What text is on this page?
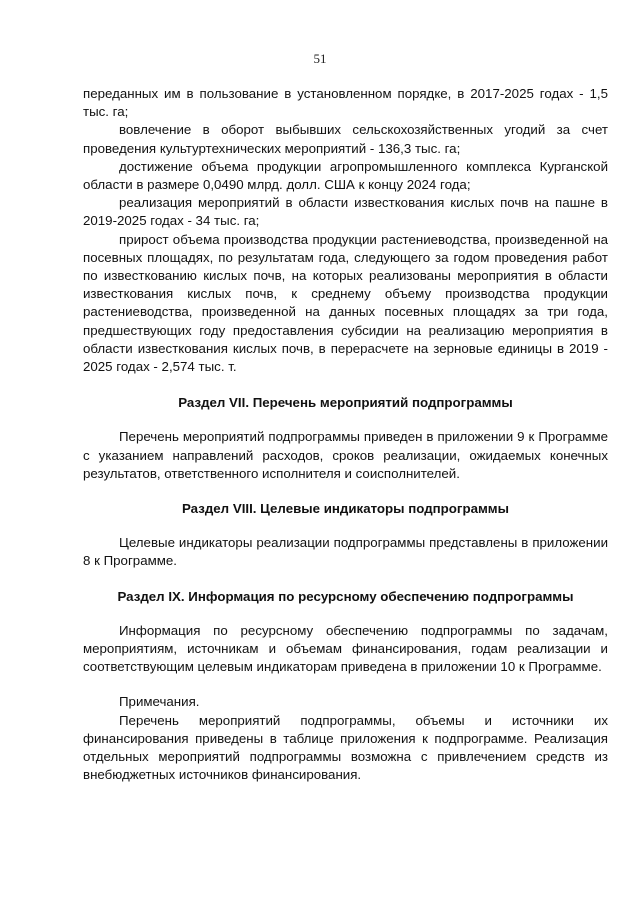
51

переданных им в пользование в установленном порядке, в 2017-2025 годах - 1,5 тыс. га;

вовлечение в оборот выбывших сельскохозяйственных угодий за счет проведения культуртехнических мероприятий - 136,3 тыс. га;

достижение объема продукции агропромышленного комплекса Курганской области в размере 0,0490 млрд. долл. США к концу 2024 года;

реализация мероприятий в области известкования кислых почв на пашне в 2019-2025 годах - 34 тыс. га;

прирост объема производства продукции растениеводства, произведенной на посевных площадях, по результатам года, следующего за годом проведения работ по известкованию кислых почв, на которых реализованы мероприятия в области известкования кислых почв, к среднему объему производства продукции растениеводства, произведенной на данных посевных площадях за три года, предшествующих году предоставления субсидии на реализацию мероприятия в области известкования кислых почв, в перерасчете на зерновые единицы в 2019 - 2025 годах - 2,574 тыс. т.

Раздел VII. Перечень мероприятий подпрограммы

Перечень мероприятий подпрограммы приведен в приложении 9 к Программе с указанием направлений расходов, сроков реализации, ожидаемых конечных результатов, ответственного исполнителя и соисполнителей.

Раздел VIII. Целевые индикаторы подпрограммы

Целевые индикаторы реализации подпрограммы представлены в приложении 8 к Программе.

Раздел IX. Информация по ресурсному обеспечению подпрограммы

Информация по ресурсному обеспечению подпрограммы по задачам, мероприятиям, источникам и объемам финансирования, годам реализации и соответствующим целевым индикаторам приведена в приложении 10 к Программе.

Примечания.

Перечень мероприятий подпрограммы, объемы и источники их финансирования приведены в таблице приложения к подпрограмме. Реализация отдельных мероприятий подпрограммы возможна с привлечением средств из внебюджетных источников финансирования.
